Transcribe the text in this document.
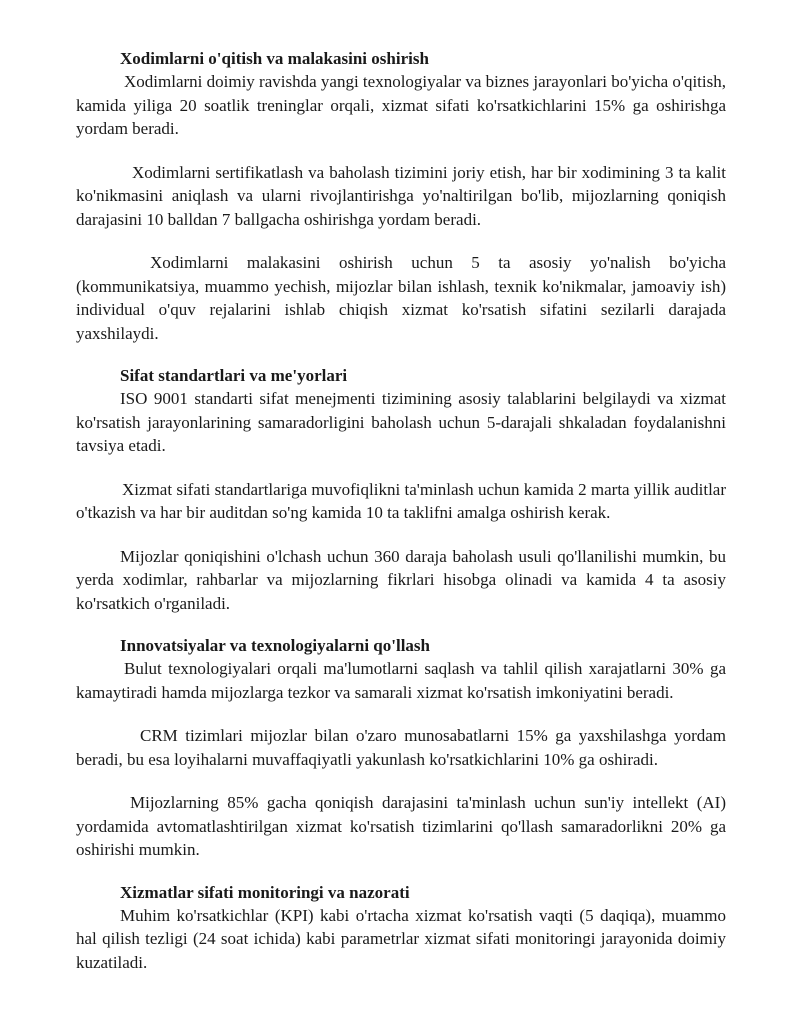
Xodimlarni o'qitish va malakasini oshirish

Xodimlarni doimiy ravishda yangi texnologiyalar va biznes jarayonlari bo'yicha o'qitish, kamida yiliga 20 soatlik treninglar orqali, xizmat sifati ko'rsatkichlarini 15% ga oshirishga yordam beradi.

Xodimlarni sertifikatlash va baholash tizimini joriy etish, har bir xodimining 3 ta kalit ko'nikmasini aniqlash va ularni rivojlantirishga yo'naltirilgan bo'lib, mijozlarning qoniqish darajasini 10 balldan 7 ballgacha oshirishga yordam beradi.

Xodimlarni malakasini oshirish uchun 5 ta asosiy yo'nalish bo'yicha (kommunikatsiya, muammo yechish, mijozlar bilan ishlash, texnik ko'nikmalar, jamoaviy ish) individual o'quv rejalarini ishlab chiqish xizmat ko'rsatish sifatini sezilarli darajada yaxshilaydi.

Sifat standartlari va me'yorlari

ISO 9001 standarti sifat menejmenti tizimining asosiy talablarini belgilaydi va xizmat ko'rsatish jarayonlarining samaradorligini baholash uchun 5-darajali shkaladan foydalanishni tavsiya etadi.

Xizmat sifati standartlariga muvofiqlikni ta'minlash uchun kamida 2 marta yillik auditlar o'tkazish va har bir auditdan so'ng kamida 10 ta taklifni amalga oshirish kerak.

Mijozlar qoniqishini o'lchash uchun 360 daraja baholash usuli qo'llanilishi mumkin, bu yerda xodimlar, rahbarlar va mijozlarning fikrlari hisobga olinadi va kamida 4 ta asosiy ko'rsatkich o'rganiladi.

Innovatsiyalar va texnologiyalarni qo'llash

Bulut texnologiyalari orqali ma'lumotlarni saqlash va tahlil qilish xarajatlarni 30% ga kamaytiradi hamda mijozlarga tezkor va samarali xizmat ko'rsatish imkoniyatini beradi.

CRM tizimlari mijozlar bilan o'zaro munosabatlarni 15% ga yaxshilashga yordam beradi, bu esa loyihalarni muvaffaqiyatli yakunlash ko'rsatkichlarini 10% ga oshiradi.

Mijozlarning 85% gacha qoniqish darajasini ta'minlash uchun sun'iy intellekt (AI) yordamida avtomatlashtirilgan xizmat ko'rsatish tizimlarini qo'llash samaradorlikni 20% ga oshirishi mumkin.

Xizmatlar sifati monitoringi va nazorati

Muhim ko'rsatkichlar (KPI) kabi o'rtacha xizmat ko'rsatish vaqti (5 daqiqa), muammo hal qilish tezligi (24 soat ichida) kabi parametrlar xizmat sifati monitoringi jarayonida doimiy kuzatiladi.
